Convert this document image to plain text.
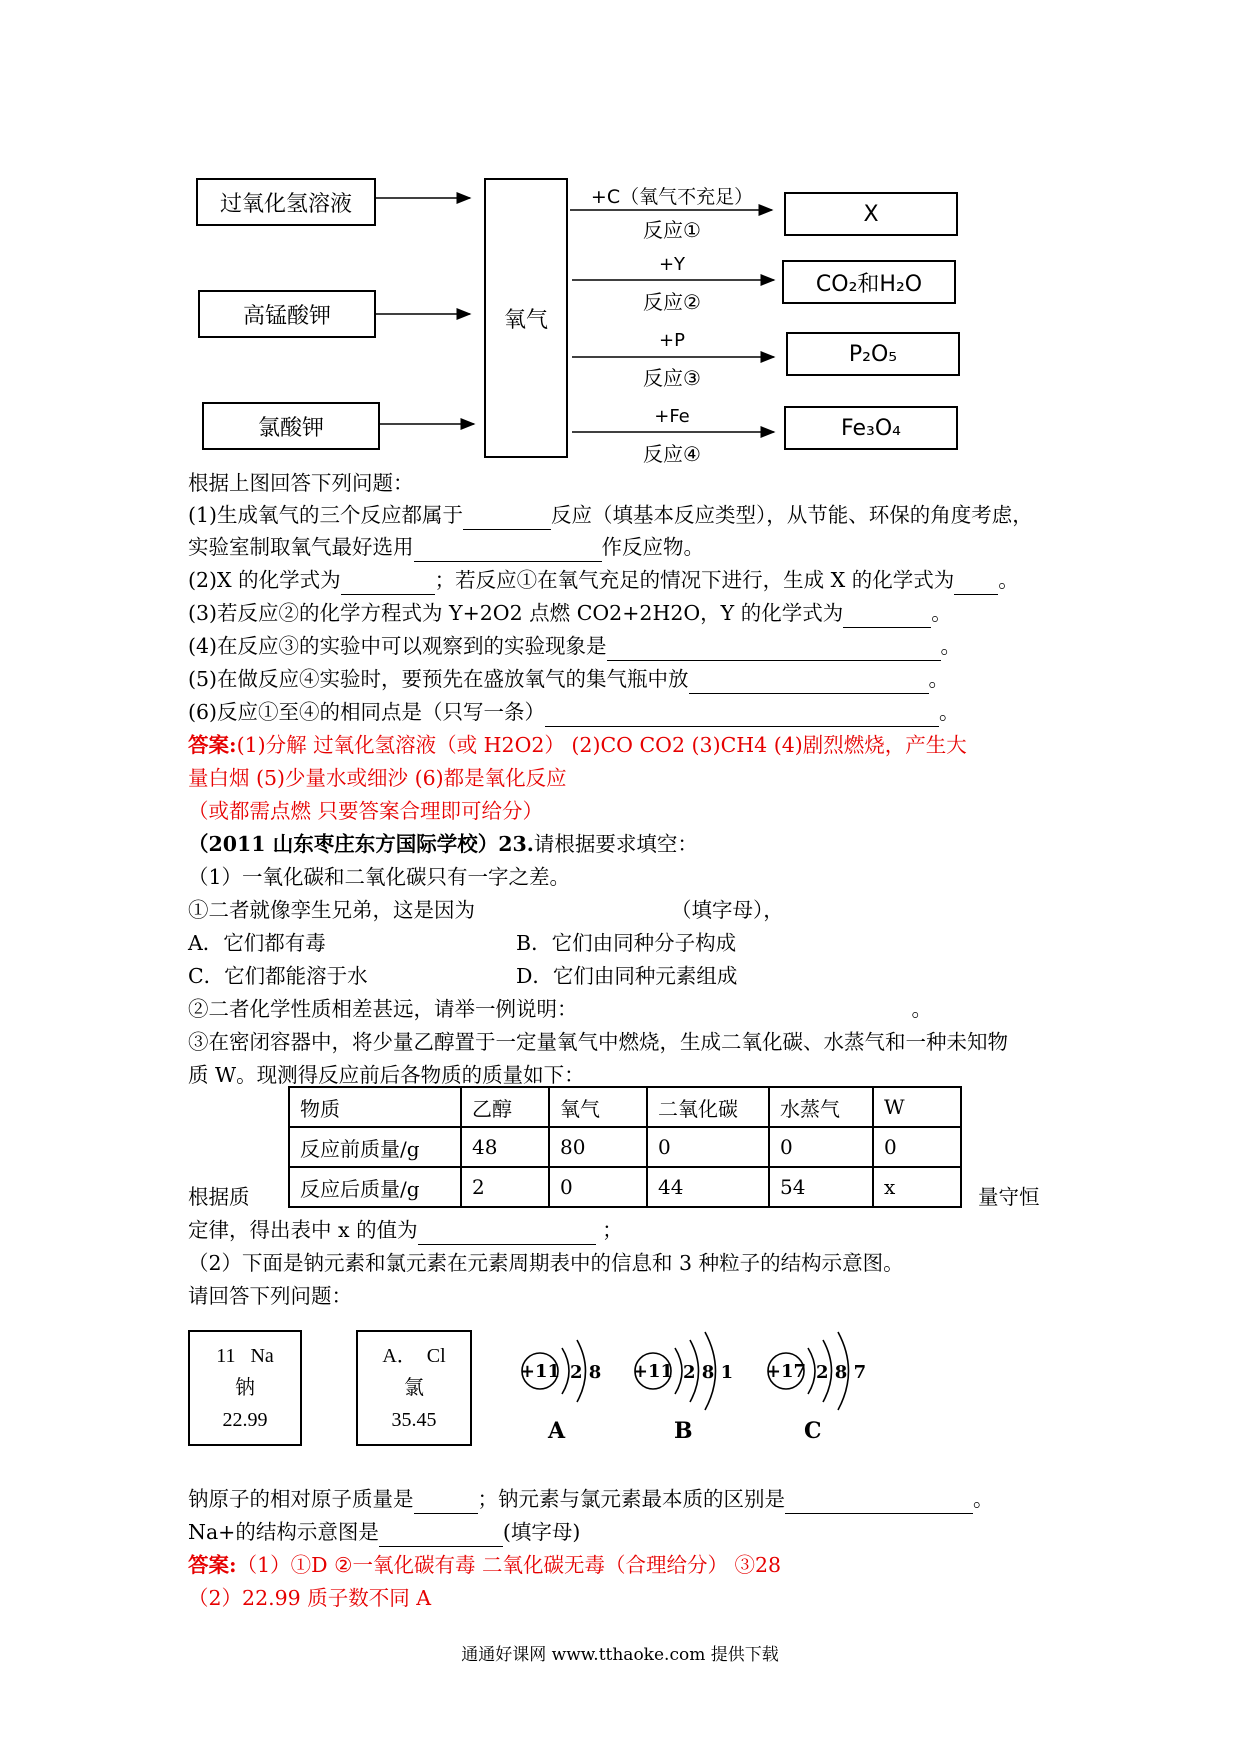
过氧化氢溶液
高锰酸钾
氯酸钾
氧气
X
CO₂和H₂O
P₂O₅
Fe₃O₄
+C（氧气不充足）
反应①
+Y
反应②
+P
反应③
+Fe
反应④
根据上图回答下列问题：
(1)生成氧气的三个反应都属于	反应（填基本反应类型），从节能、环保的角度考虑，
实验室制取氧气最好选用	作反应物。
(2)X 的化学式为	；若反应①在氧气充足的情况下进行，生成 X 的化学式为 。
(3)若反应②的化学方程式为 Y+2O2 点燃 CO2+2H2O，Y 的化学式为	。
(4)在反应③的实验中可以观察到的实验现象是	。
(5)在做反应④实验时，要预先在盛放氧气的集气瓶中放	。
(6)反应①至④的相同点是（只写一条）	。
答案:(1)分解 过氧化氢溶液（或 H2O2） (2)CO CO2 (3)CH4 (4)剧烈燃烧，产生大
量白烟 (5)少量水或细沙 (6)都是氧化反应
（或都需点燃 只要答案合理即可给分）
（2011 山东枣庄东方国际学校）23.请根据要求填空：
（1）一氧化碳和二氧化碳只有一字之差。
①二者就像孪生兄弟，这是因为	（填字母），
A．它们都有毒	B．它们由同种分子构成
C．它们都能溶于水	D．它们由同种元素组成
②二者化学性质相差甚远，请举一例说明：	。
③在密闭容器中，将少量乙醇置于一定量氧气中燃烧，生成二氧化碳、水蒸气和一种未知物
质 W。现测得反应前后各物质的质量如下：
物质	乙醇	氧气	二氧化碳	水蒸气	W
反应前质量/g	48	80	0	0	0
反应后质量/g	2	0	44	54	x
根据质	量守恒
定律，得出表中 x 的值为	；
（2）下面是钠元素和氯元素在元素周期表中的信息和 3 种粒子的结构示意图。
请回答下列问题：
11 Na
钠
22.99
A． Cl
氯
35.45
+11 2 8 +11 2 8 1 +17 2 8 7
A	B	C
钠原子的相对原子质量是	；钠元素与氯元素最本质的区别是	。
Na+的结构示意图是	(填字母)
答案:（1）①D ②一氧化碳有毒 二氧化碳无毒（合理给分） ③28
（2）22.99 质子数不同 A
通通好课网 www.tthaoke.com 提供下载
